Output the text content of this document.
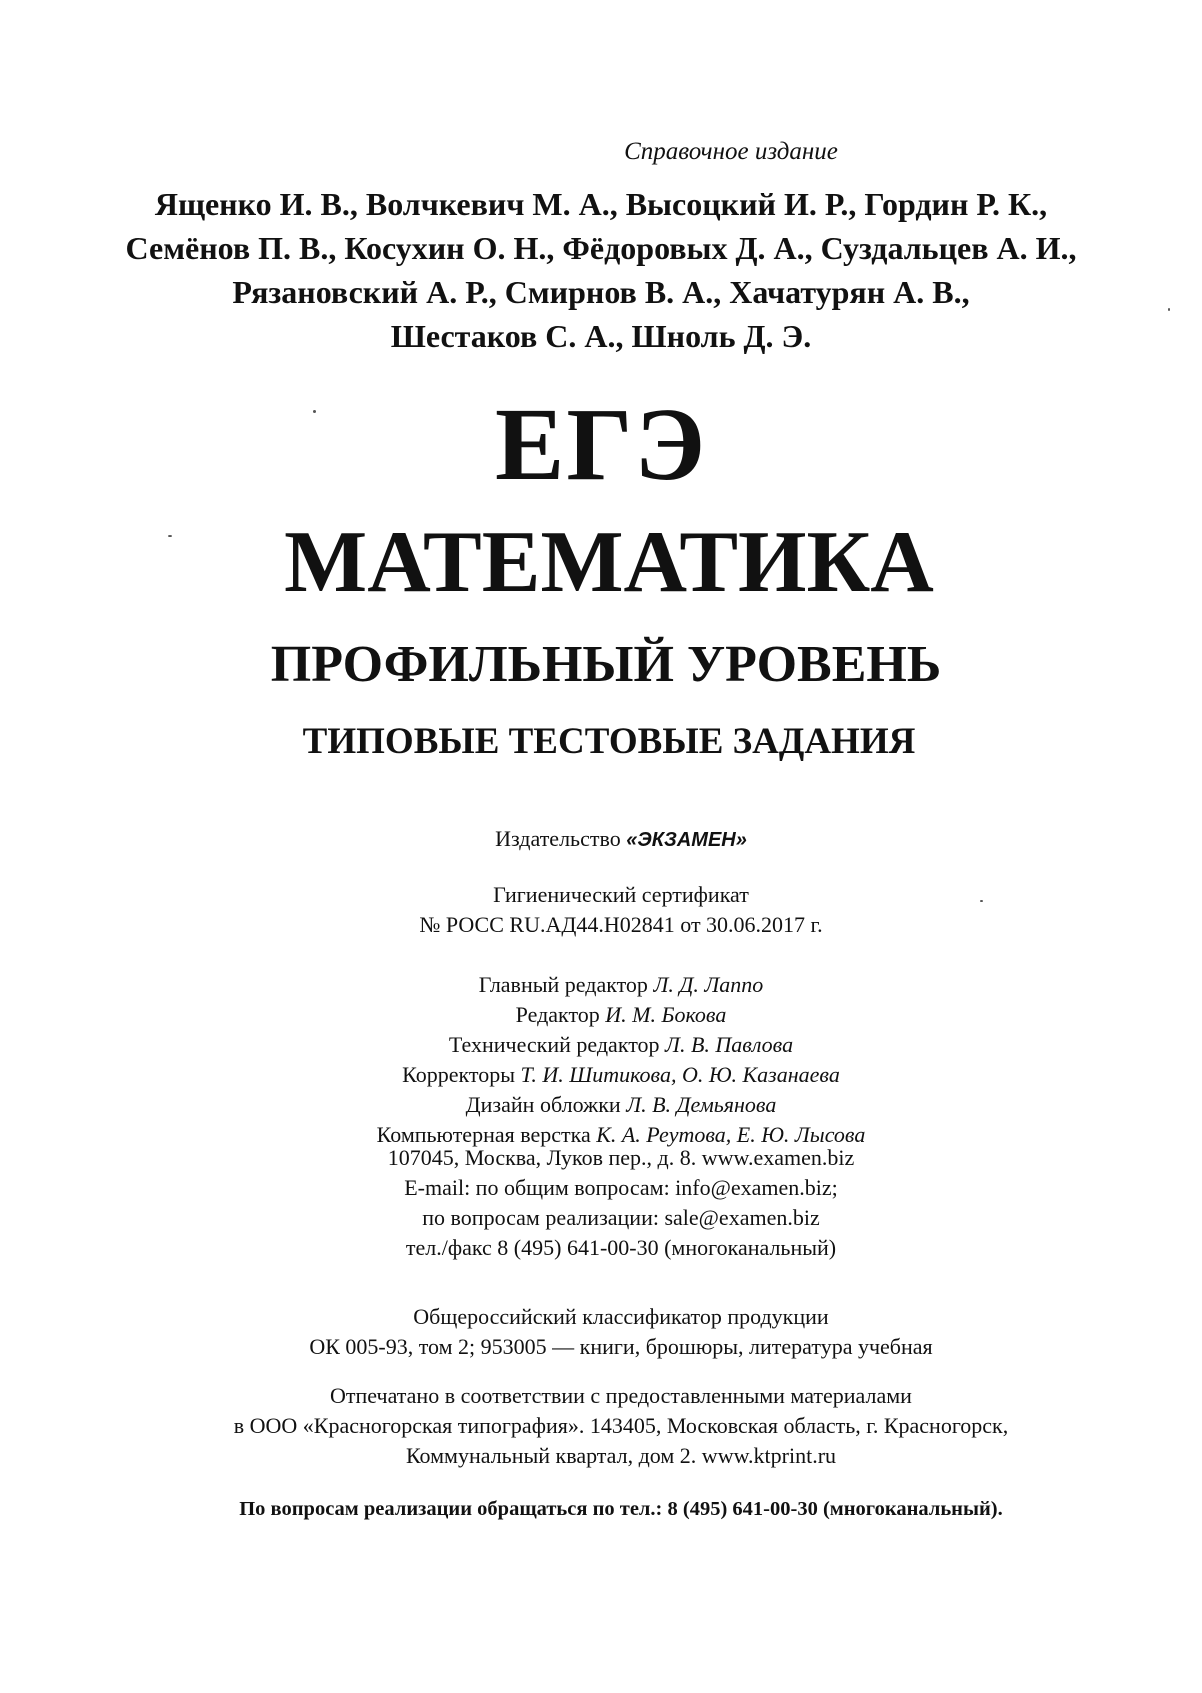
Справочное издание
Ященко И. В., Волчкевич М. А., Высоцкий И. Р., Гордин Р. К.,
Семёнов П. В., Косухин О. Н., Фёдоровых Д. А., Суздальцев А. И.,
Рязановский А. Р., Смирнов В. А., Хачатурян А. В.,
Шестаков С. А., Шноль Д. Э.
ЕГЭ
МАТЕМАТИКА
ПРОФИЛЬНЫЙ УРОВЕНЬ
ТИПОВЫЕ ТЕСТОВЫЕ ЗАДАНИЯ
Издательство «ЭКЗАМЕН»
Гигиенический сертификат
№ РОСС RU.АД44.Н02841 от 30.06.2017 г.
Главный редактор Л. Д. Лаппо
Редактор И. М. Бокова
Технический редактор Л. В. Павлова
Корректоры Т. И. Шитикова, О. Ю. Казанаева
Дизайн обложки Л. В. Демьянова
Компьютерная верстка К. А. Реутова, Е. Ю. Лысова
107045, Москва, Луков пер., д. 8. www.examen.biz
E-mail: по общим вопросам: info@examen.biz;
по вопросам реализации: sale@examen.biz
тел./факс 8 (495) 641-00-30 (многоканальный)
Общероссийский классификатор продукции
ОК 005-93, том 2; 953005 — книги, брошюры, литература учебная
Отпечатано в соответствии с предоставленными материалами
в ООО «Красногорская типография». 143405, Московская область, г. Красногорск,
Коммунальный квартал, дом 2. www.ktprint.ru
По вопросам реализации обращаться по тел.: 8 (495) 641-00-30 (многоканальный).
